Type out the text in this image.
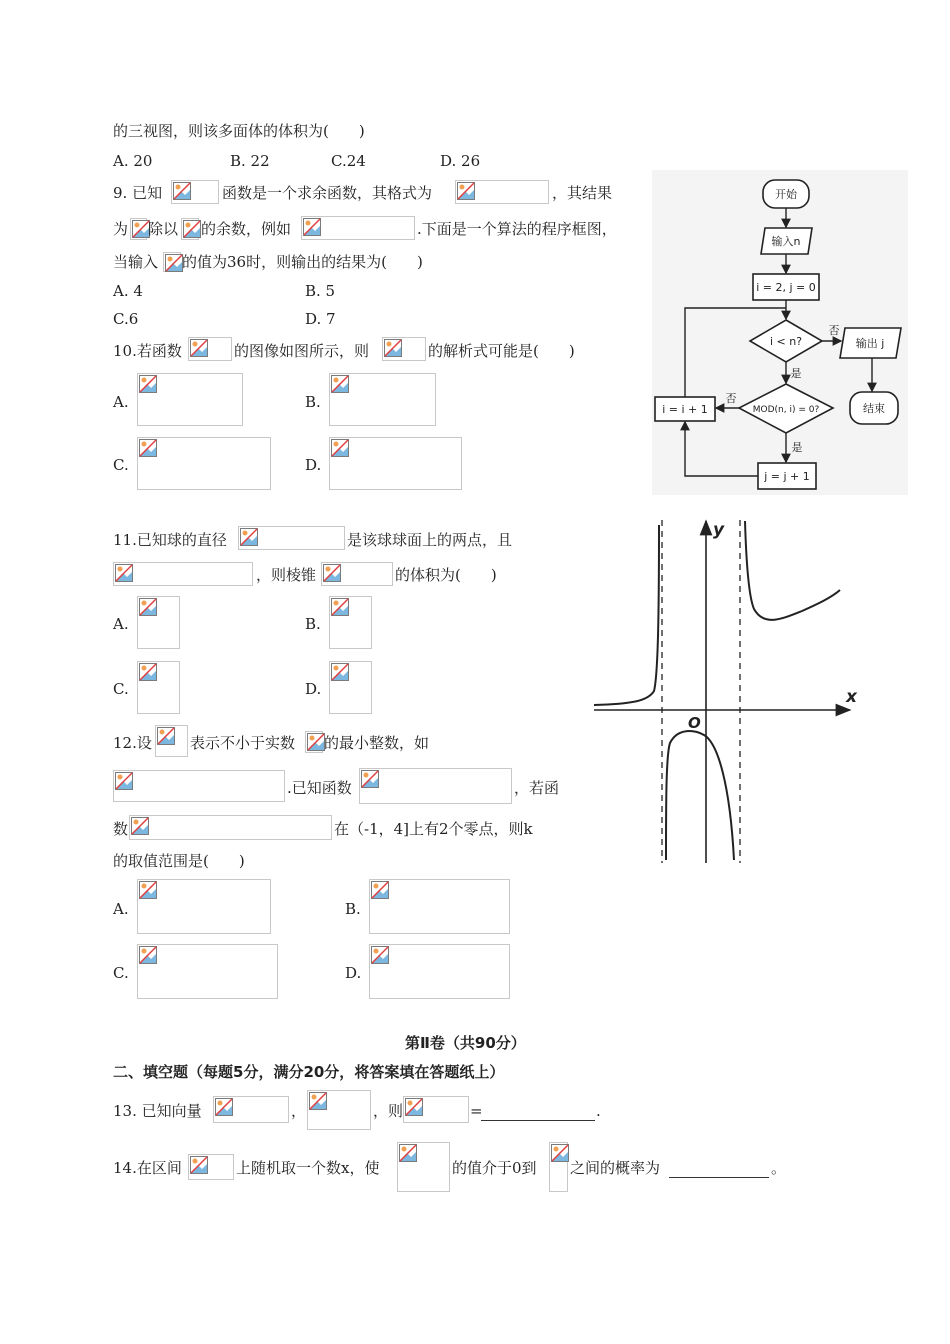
的三视图，则该多面体的体积为(　　)
A. 20	B. 22	C.24	D. 26
9. 已知	函数是一个求余函数，其格式为	，其结果
为 除以 的余数，例如	.下面是一个算法的程序框图，
当输入 的值为36时，则输出的结果为(　　)
A. 4	B. 5
C.6	D. 7
10.若函数	的图像如图所示，则	的解析式可能是(　　)
A.	B.
C.	D.
11.已知球的直径	是该球球面上的两点，且
，则棱锥	的体积为(　　)
A.	B.
C.	D.
12.设	表示不小于实数 的最小整数，如
.已知函数	，若函
数	在（-1，4]上有2个零点，则k
的取值范围是(　　)
A.	B.
C.	D.
第Ⅱ卷（共90分）
二、填空题（每题5分，满分20分，将答案填在答题纸上）
13. 已知向量	，	，则	=	.
14.在区间	上随机取一个数x，使	的值介于0到 之间的概率为	。
开始
输入n
i = 2, j = 0
i < n?
否
输出 j
是
结束
MOD(n, i) = 0?
否
i = i + 1
是
j = j + 1
x
y
O
